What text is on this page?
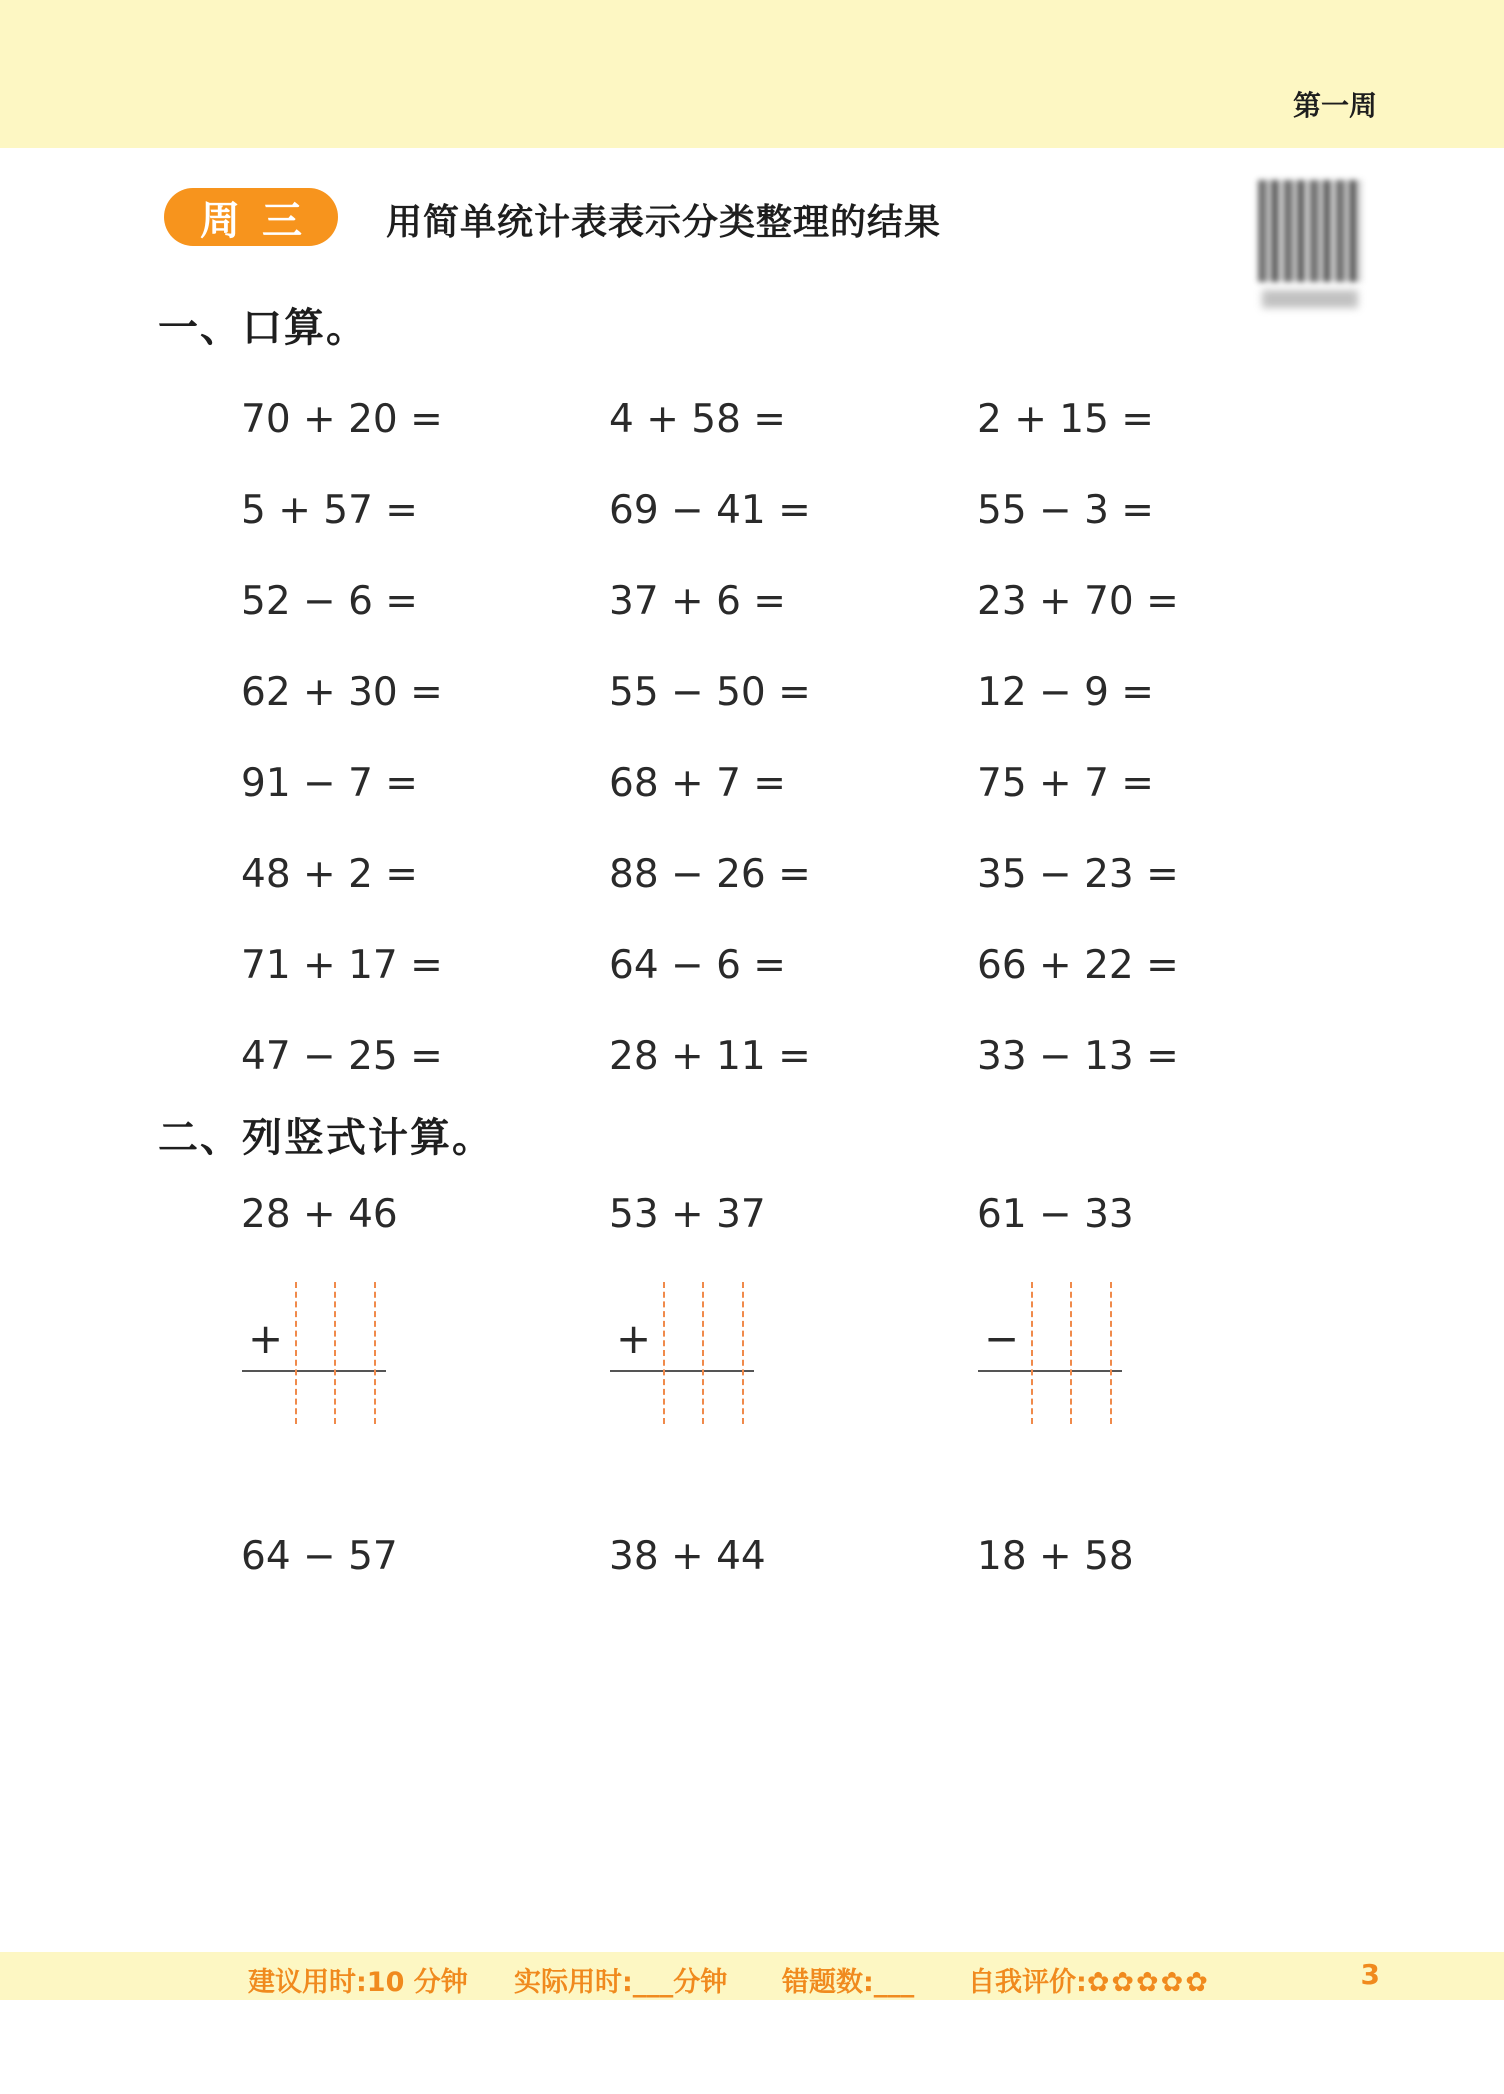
第一周
周三	用简单统计表表示分类整理的结果
一、口算。
70 + 20 =	4 + 58 =	2 + 15 =
5 + 57 =	69 − 41 =	55 − 3 =
52 − 6 =	37 + 6 =	23 + 70 =
62 + 30 =	55 − 50 =	12 − 9 =
91 − 7 =	68 + 7 =	75 + 7 =
48 + 2 =	88 − 26 =	35 − 23 =
71 + 17 =	64 − 6 =	66 + 22 =
47 − 25 =	28 + 11 =	33 − 13 =
二、列竖式计算。
28 + 46	53 + 37	61 − 33
+	+	−
64 − 57	38 + 44	18 + 58
建议用时:10 分钟 实际用时:___分钟 错题数:___ 自我评价:✿✿✿✿✿	3
